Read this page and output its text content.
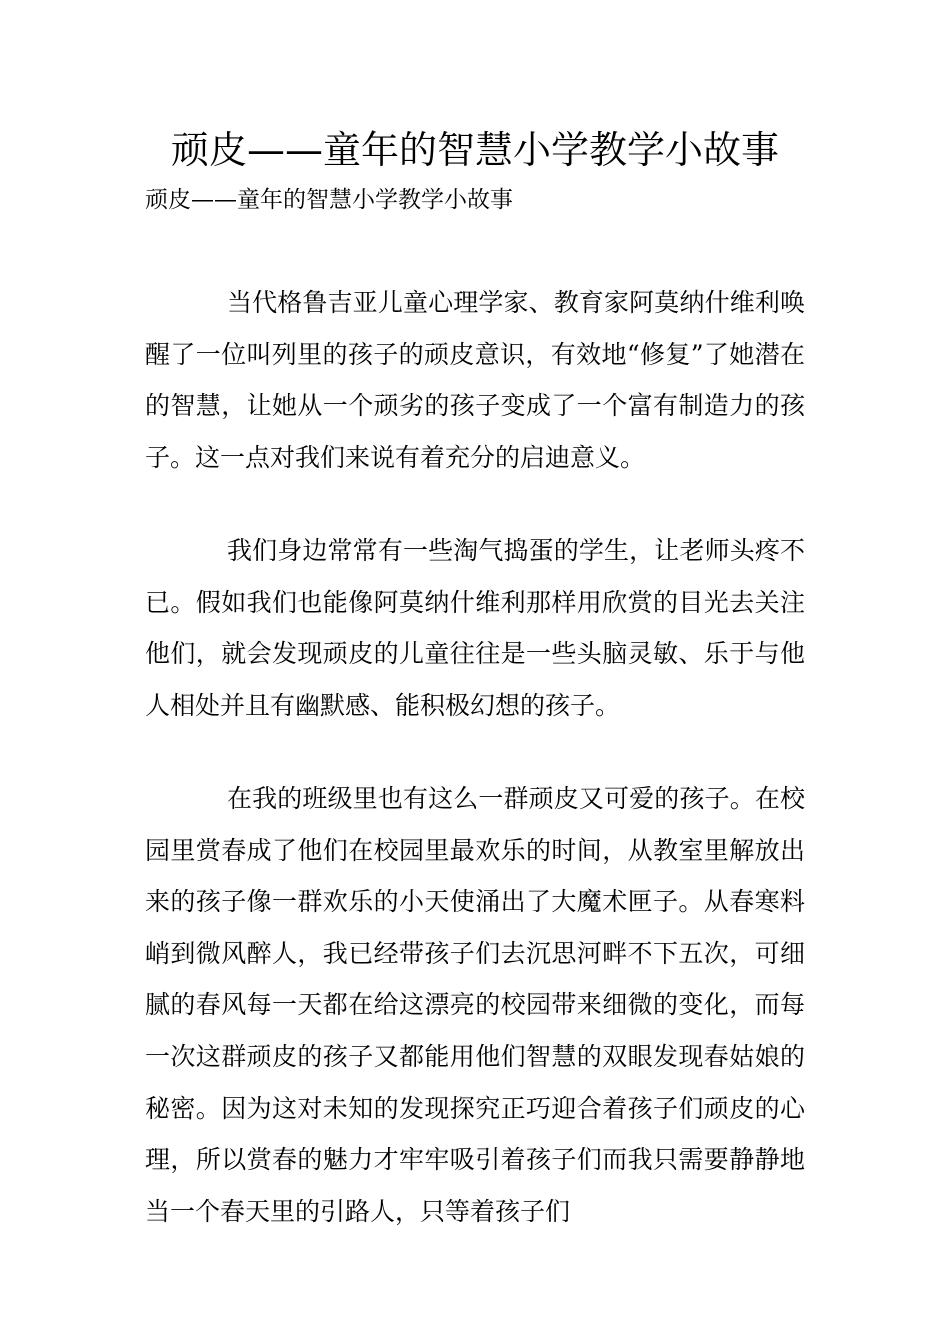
顽皮——童年的智慧小学教学小故事
顽皮——童年的智慧小学教学小故事

当代格鲁吉亚儿童心理学家、教育家阿莫纳什维利唤醒了一位叫列里的孩子的顽皮意识，有效地“修复”了她潜在的智慧，让她从一个顽劣的孩子变成了一个富有制造力的孩子。这一点对我们来说有着充分的启迪意义。

我们身边常常有一些淘气捣蛋的学生，让老师头疼不已。假如我们也能像阿莫纳什维利那样用欣赏的目光去关注他们，就会发现顽皮的儿童往往是一些头脑灵敏、乐于与他人相处并且有幽默感、能积极幻想的孩子。

在我的班级里也有这么一群顽皮又可爱的孩子。在校园里赏春成了他们在校园里最欢乐的时间，从教室里解放出来的孩子像一群欢乐的小天使涌出了大魔术匣子。从春寒料峭到微风醉人，我已经带孩子们去沉思河畔不下五次，可细腻的春风每一天都在给这漂亮的校园带来细微的变化，而每一次这群顽皮的孩子又都能用他们智慧的双眼发现春姑娘的秘密。因为这对未知的发现探究正巧迎合着孩子们顽皮的心理，所以赏春的魅力才牢牢吸引着孩子们而我只需要静静地当一个春天里的引路人，只等着孩子们
